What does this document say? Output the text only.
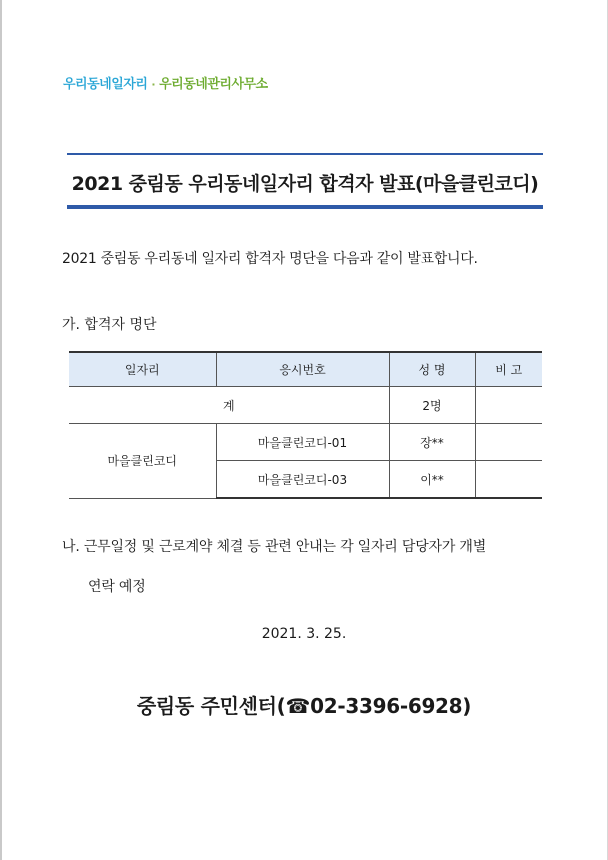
우리동네일자리 · 우리동네관리사무소
2021 중림동 우리동네일자리 합격자 발표(마을클린코디)
2021 중림동 우리동네 일자리 합격자 명단을 다음과 같이 발표합니다.
가. 합격자 명단
일자리	응시번호	성 명	비 고
계		2명	
마을클린코디	마을클린코디-01	장**	
	마을클린코디-03	이**	
나. 근무일정 및 근로계약 체결 등 관련 안내는 각 일자리 담당자가 개별
연락 예정
2021. 3. 25.
중림동 주민센터(☎02-3396-6928)
